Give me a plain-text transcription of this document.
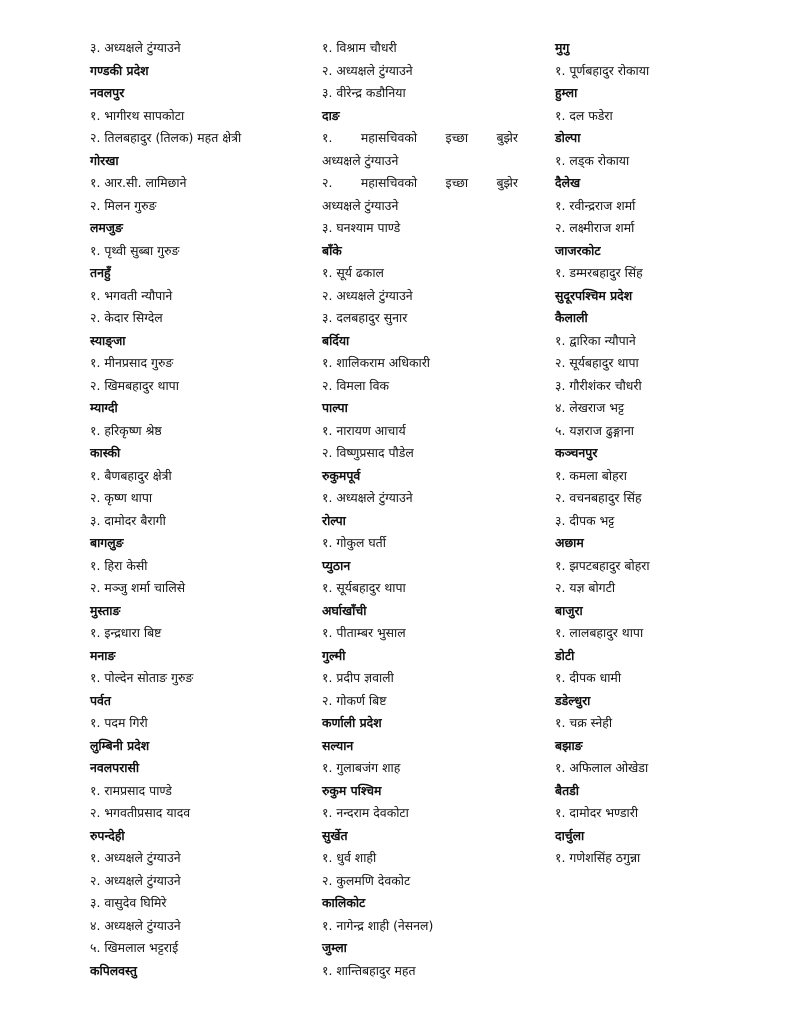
३. अध्यक्षले टुंग्याउने
गण्डकी प्रदेश
नवलपुर
१. भागीरथ सापकोटा
२. तिलबहादुर (तिलक) महत क्षेत्री
गोरखा
१. आर.सी. लामिछाने
२. मिलन गुरुङ
लमजुङ
१. पृथ्वी सुब्बा गुरुङ
तनहुँ
१. भगवती न्यौपाने
२. केदार सिग्देल
स्याङ्जा
१. मीनप्रसाद गुरुङ
२. खिमबहादुर थापा
म्याग्दी
१. हरिकृष्ण श्रेष्ठ
कास्की
१. बैणबहादुर क्षेत्री
२. कृष्ण थापा
३. दामोदर बैरागी
बागलुङ
१. हिरा केसी
२. मञ्जु शर्मा चालिसे
मुस्ताङ
१. इन्द्रधारा बिष्ट
मनाङ
१. पोल्देन सोताङ गुरुङ
पर्वत
१. पदम गिरी
लुम्बिनी प्रदेश
नवलपरासी
१. रामप्रसाद पाण्डे
२. भगवतीप्रसाद यादव
रुपन्देही
१. अध्यक्षले टुंग्याउने
२. अध्यक्षले टुंग्याउने
३. वासुदेव घिमिरे
४. अध्यक्षले टुंग्याउने
५. खिमलाल भट्टराई
कपिलवस्तु
१. विश्राम चौधरी
२. अध्यक्षले टुंग्याउने
३. वीरेन्द्र कडौनिया
दाङ
१. महासचिवको इच्छा बुझेर
अध्यक्षले टुंग्याउने
२. महासचिवको इच्छा बुझेर
अध्यक्षले टुंग्याउने
३. घनश्याम पाण्डे
बाँके
१. सूर्य ढकाल
२. अध्यक्षले टुंग्याउने
३. दलबहादुर सुनार
बर्दिया
१. शालिकराम अधिकारी
२. विमला विक
पाल्पा
१. नारायण आचार्य
२. विष्णुप्रसाद पौडेल
रुकुमपूर्व
१. अध्यक्षले टुंग्याउने
रोल्पा
१. गोकुल घर्ती
प्युठान
१. सूर्यबहादुर थापा
अर्घाखाँची
१. पीताम्बर भुसाल
गुल्मी
१. प्रदीप ज्ञवाली
२. गोकर्ण बिष्ट
कर्णाली प्रदेश
सल्यान
१. गुलाबजंग शाह
रुकुम पश्चिम
१. नन्दराम देवकोटा
सुर्खेत
१. धुर्व शाही
२. कुलमणि देवकोट
कालिकोट
१. नागेन्द्र शाही (नेसनल)
जुम्ला
१. शान्तिबहादुर महत
मुगु
१. पूर्णबहादुर रोकाया
हुम्ला
१. दल फडेरा
डोल्पा
१. लड्क रोकाया
दैलेख
१. रवीन्द्रराज शर्मा
२. लक्ष्मीराज शर्मा
जाजरकोट
१. डम्मरबहादुर सिंह
सुदूरपश्चिम प्रदेश
कैलाली
१. द्वारिका न्यौपाने
२. सूर्यबहादुर थापा
३. गौरीशंकर चौधरी
४. लेखराज भट्ट
५. यज्ञराज ढुङ्गाना
कञ्चनपुर
१. कमला बोहरा
२. वचनबहादुर सिंह
३. दीपक भट्ट
अछाम
१. झपटबहादुर बोहरा
२. यज्ञ बोगटी
बाजुरा
१. लालबहादुर थापा
डोटी
१. दीपक धामी
डडेल्धुरा
१. चक्र स्नेही
बझाङ
१. अफिलाल ओखेडा
बैतडी
१. दामोदर भण्डारी
दार्चुला
१. गणेशसिंह ठगुन्ना
